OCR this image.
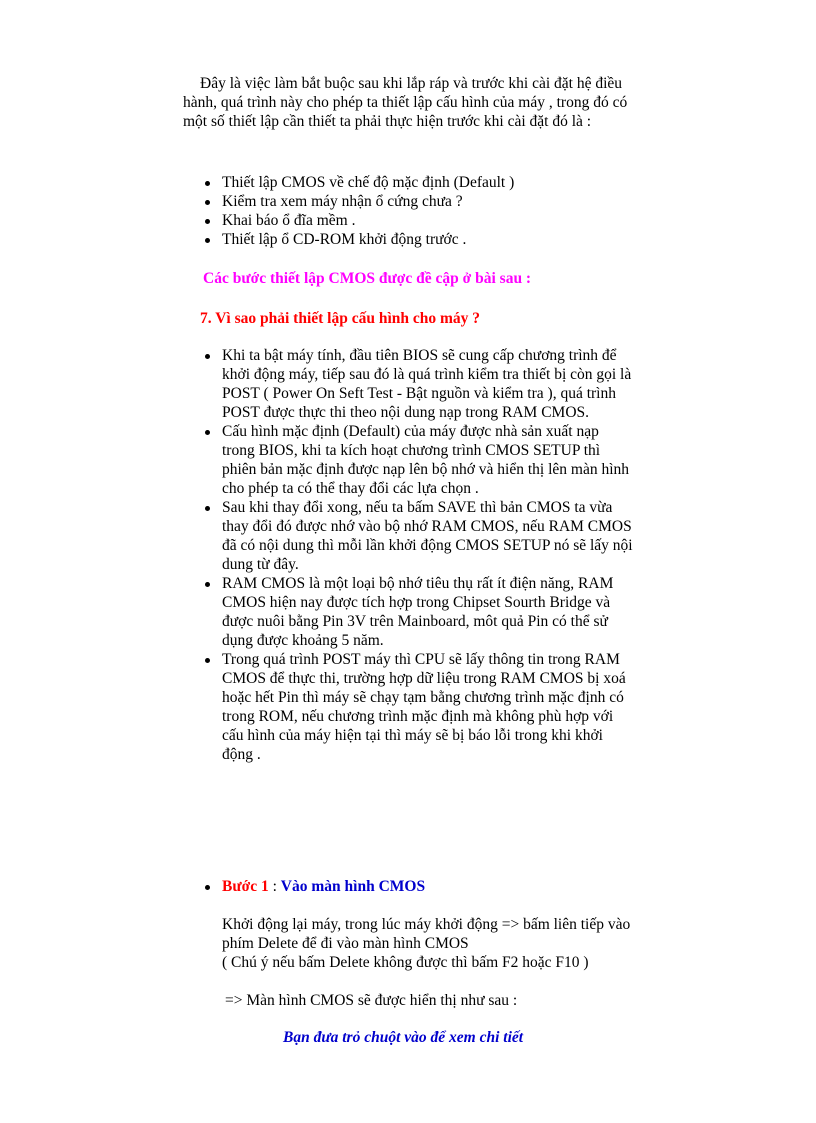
Đây là việc làm bắt buộc sau khi lắp ráp và trước khi cài đặt hệ điều hành, quá trình này cho phép ta thiết lập cấu hình của máy , trong đó có một số thiết lập cần thiết ta phải thực hiện trước khi cài đặt đó là :

Thiết lập CMOS về chế độ mặc định (Default )
Kiểm tra xem máy nhận ổ cứng chưa ?
Khai báo ổ đĩa mềm .
Thiết lập ổ CD-ROM khởi động trước .

Các bước thiết lập CMOS được đề cập ở bài sau :

7. Vì sao phải thiết lập cấu hình cho máy ?

Khi ta bật máy tính, đầu tiên BIOS sẽ cung cấp chương trình để khởi động máy, tiếp sau đó là quá trình kiểm tra thiết bị còn gọi là POST ( Power On Seft Test - Bật nguồn và kiểm tra ), quá trình POST được thực thi theo nội dung nạp trong RAM CMOS.
Cấu hình mặc định (Default) của máy được nhà sản xuất nạp trong BIOS, khi ta kích hoạt chương trình CMOS SETUP thì phiên bản mặc định được nạp lên bộ nhớ và hiển thị lên màn hình cho phép ta có thể thay đổi các lựa chọn .
Sau khi thay đổi xong, nếu ta bấm SAVE thì bản CMOS ta vừa thay đổi đó được nhớ vào bộ nhớ RAM CMOS, nếu RAM CMOS đã có nội dung thì mỗi lần khởi động CMOS SETUP nó sẽ lấy nội dung từ đây.
RAM CMOS là một loại bộ nhớ tiêu thụ rất ít điện năng, RAM CMOS hiện nay được tích hợp trong Chipset Sourth Bridge và được nuôi bằng Pin 3V trên Mainboard, môt quả Pin có thể sử dụng được khoảng 5 năm.
Trong quá trình POST máy thì CPU sẽ lấy thông tin trong RAM CMOS để thực thi, trường hợp dữ liệu trong RAM CMOS bị xoá hoặc hết Pin thì máy sẽ chạy tạm bằng chương trình mặc định có trong ROM, nếu chương trình mặc định mà không phù hợp với cấu hình của máy hiện tại thì máy sẽ bị báo lỗi trong khi khởi động .
Bước 1 : Vào màn hình CMOS
Khởi động lại máy, trong lúc máy khởi động => bấm liên tiếp vào phím Delete để đi vào màn hình CMOS
( Chú ý nếu bấm Delete không được thì bấm F2 hoặc F10 )
=> Màn hình CMOS sẽ được hiển thị như sau :

Bạn đưa trỏ chuột vào để xem chi tiết
